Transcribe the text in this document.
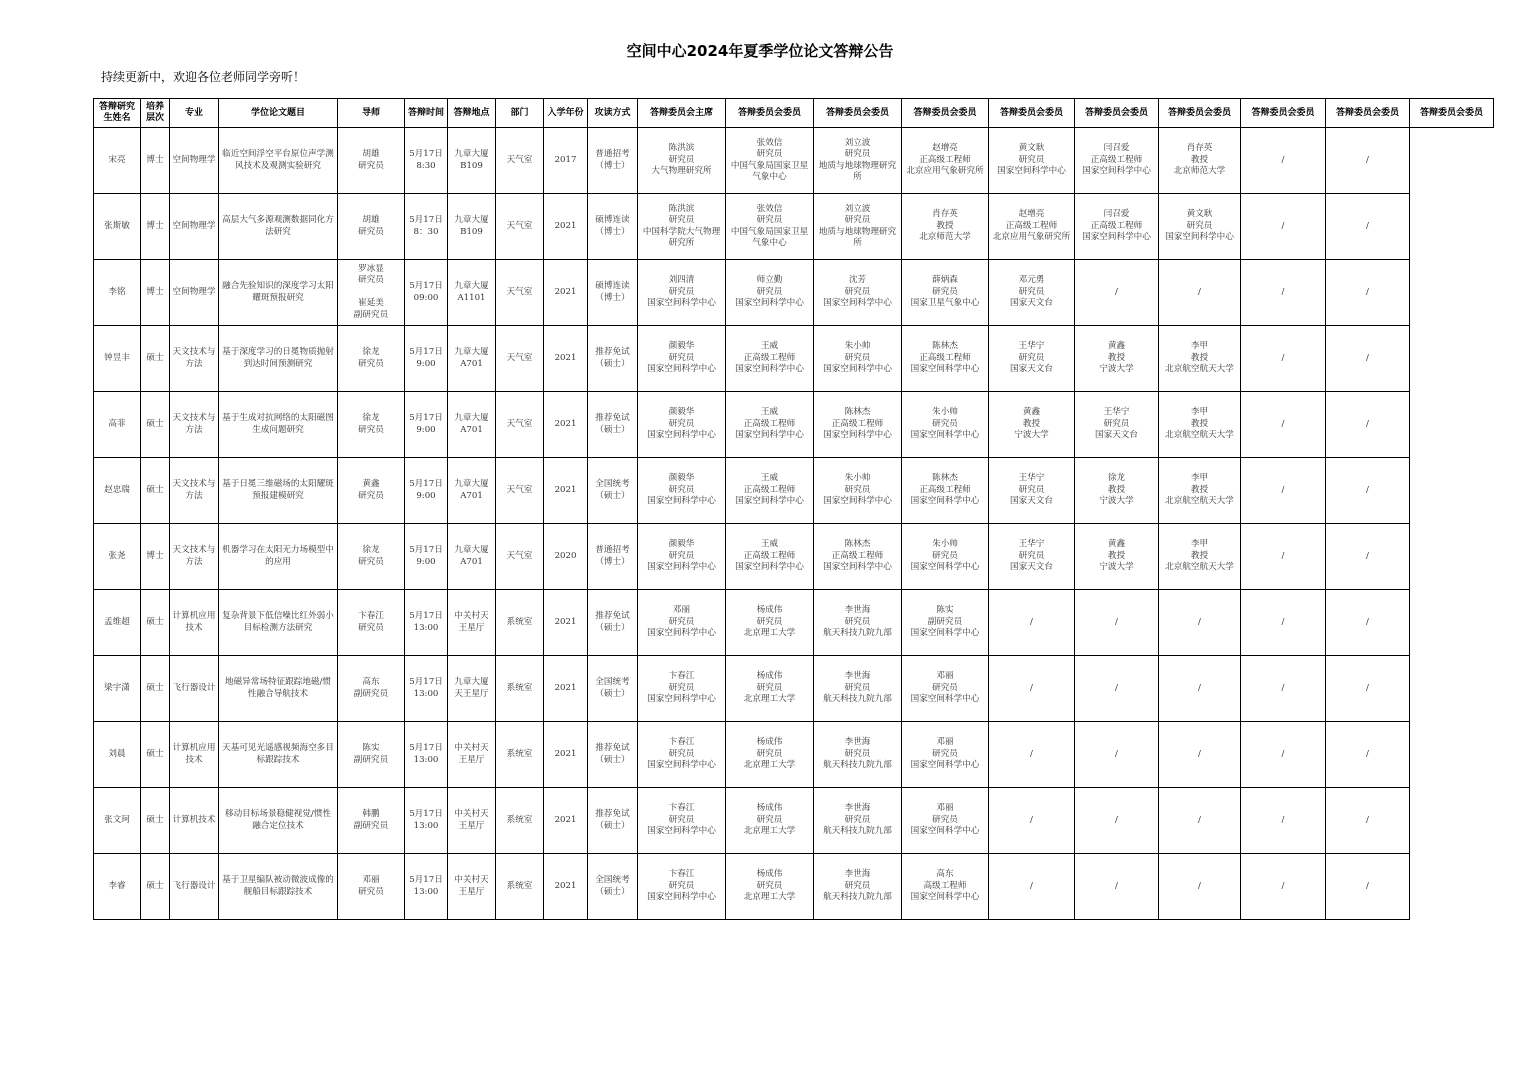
空间中心2024年夏季学位论文答辩公告
持续更新中，欢迎各位老师同学旁听！
答辩研究生姓名	培养层次	专业	学位论文题目	导师	答辩时间	答辩地点	部门	入学年份	攻读方式	答辩委员会主席	答辩委员会委员	答辩委员会委员	答辩委员会委员	答辩委员会委员	答辩委员会委员	答辩委员会委员	答辩委员会委员	答辩委员会委员	答辩委员会委员
宋亮	博士	空间物理学	临近空间浮空平台原位声学测风技术及观测实验研究	胡雄
研究员	5月17日
8:30	九章大厦
B109	天气室	2017	普通招考
（博士）	陈洪滨
研究员
大气物理研究所	张效信
研究员
中国气象局国家卫星气象中心	刘立波
研究员
地质与地球物理研究所	赵增亮
正高级工程师
北京应用气象研究所	黄文耿
研究员
国家空间科学中心	闫召爱
正高级工程师
国家空间科学中心	肖存英
教授
北京师范大学	/	/	
张斯敏	博士	空间物理学	高层大气多源观测数据同化方法研究	胡雄
研究员	5月17日
8：30	九章大厦
B109	天气室	2021	硕博连读
（博士）	陈洪滨
研究员
中国科学院大气物理研究所	张效信
研究员
中国气象局国家卫星气象中心	刘立波
研究员
地质与地球物理研究所	肖存英
教授
北京师范大学	赵增亮
正高级工程师
北京应用气象研究所	闫召爱
正高级工程师
国家空间科学中心	黄文耿
研究员
国家空间科学中心	/	/	
李铭	博士	空间物理学	融合先验知识的深度学习太阳耀斑预报研究	罗冰显
研究员

崔延美
副研究员	5月17日
09:00	九章大厦
A1101	天气室	2021	硕博连读
（博士）	刘四清
研究员
国家空间科学中心	师立勤
研究员
国家空间科学中心	沈芳
研究员
国家空间科学中心	薛炳森
研究员
国家卫星气象中心	邓元勇
研究员
国家天文台	/	/	/	/	
钟昱丰	硕士	天文技术与方法	基于深度学习的日冕物质抛射到达时间预测研究	徐龙
研究员	5月17日
9:00	九章大厦
A701	天气室	2021	推荐免试
（硕士）	颜毅华
研究员
国家空间科学中心	王威
正高级工程师
国家空间科学中心	朱小帅
研究员
国家空间科学中心	陈林杰
正高级工程师
国家空间科学中心	王华宁
研究员
国家天文台	黄鑫
教授
宁波大学	李甲
教授
北京航空航天大学	/	/	
高菲	硕士	天文技术与方法	基于生成对抗网络的太阳磁图生成问题研究	徐龙
研究员	5月17日
9:00	九章大厦
A701	天气室	2021	推荐免试
（硕士）	颜毅华
研究员
国家空间科学中心	王威
正高级工程师
国家空间科学中心	陈林杰
正高级工程师
国家空间科学中心	朱小帅
研究员
国家空间科学中心	黄鑫
教授
宁波大学	王华宁
研究员
国家天文台	李甲
教授
北京航空航天大学	/	/	
赵忠瑞	硕士	天文技术与方法	基于日冕三维磁场的太阳耀斑预报建模研究	黄鑫
研究员	5月17日
9:00	九章大厦
A701	天气室	2021	全国统考
（硕士）	颜毅华
研究员
国家空间科学中心	王威
正高级工程师
国家空间科学中心	朱小帅
研究员
国家空间科学中心	陈林杰
正高级工程师
国家空间科学中心	王华宁
研究员
国家天文台	徐龙
教授
宁波大学	李甲
教授
北京航空航天大学	/	/	
张尧	博士	天文技术与方法	机器学习在太阳无力场模型中的应用	徐龙
研究员	5月17日
9:00	九章大厦
A701	天气室	2020	普通招考
（博士）	颜毅华
研究员
国家空间科学中心	王威
正高级工程师
国家空间科学中心	陈林杰
正高级工程师
国家空间科学中心	朱小帅
研究员
国家空间科学中心	王华宁
研究员
国家天文台	黄鑫
教授
宁波大学	李甲
教授
北京航空航天大学	/	/	
孟维超	硕士	计算机应用技术	复杂背景下低信噪比红外弱小目标检测方法研究	卞春江
研究员	5月17日
13:00	中关村天
王星厅	系统室	2021	推荐免试
（硕士）	邓丽
研究员
国家空间科学中心	杨成伟
研究员
北京理工大学	李世海
研究员
航天科技九院九部	陈实
副研究员
国家空间科学中心	/	/	/	/	/	
梁宇潇	硕士	飞行器设计	地磁异常场特征跟踪地磁/惯性融合导航技术	高东
副研究员	5月17日
13:00	九章大厦
天王星厅	系统室	2021	全国统考
（硕士）	卞春江
研究员
国家空间科学中心	杨成伟
研究员
北京理工大学	李世海
研究员
航天科技九院九部	邓丽
研究员
国家空间科学中心	/	/	/	/	/	
刘晨	硕士	计算机应用技术	天基可见光遥感视频海空多目标跟踪技术	陈实
副研究员	5月17日
13:00	中关村天
王星厅	系统室	2021	推荐免试
（硕士）	卞春江
研究员
国家空间科学中心	杨成伟
研究员
北京理工大学	李世海
研究员
航天科技九院九部	邓丽
研究员
国家空间科学中心	/	/	/	/	/	
张文珂	硕士	计算机技术	移动目标场景稳健视觉/惯性融合定位技术	韩鹏
副研究员	5月17日
13:00	中关村天
王星厅	系统室	2021	推荐免试
（硕士）	卞春江
研究员
国家空间科学中心	杨成伟
研究员
北京理工大学	李世海
研究员
航天科技九院九部	邓丽
研究员
国家空间科学中心	/	/	/	/	/	
李睿	硕士	飞行器设计	基于卫星编队被动微波成像的舰船目标跟踪技术	邓丽
研究员	5月17日
13:00	中关村天
王星厅	系统室	2021	全国统考
（硕士）	卞春江
研究员
国家空间科学中心	杨成伟
研究员
北京理工大学	李世海
研究员
航天科技九院九部	高东
高级工程师
国家空间科学中心	/	/	/	/	/	
